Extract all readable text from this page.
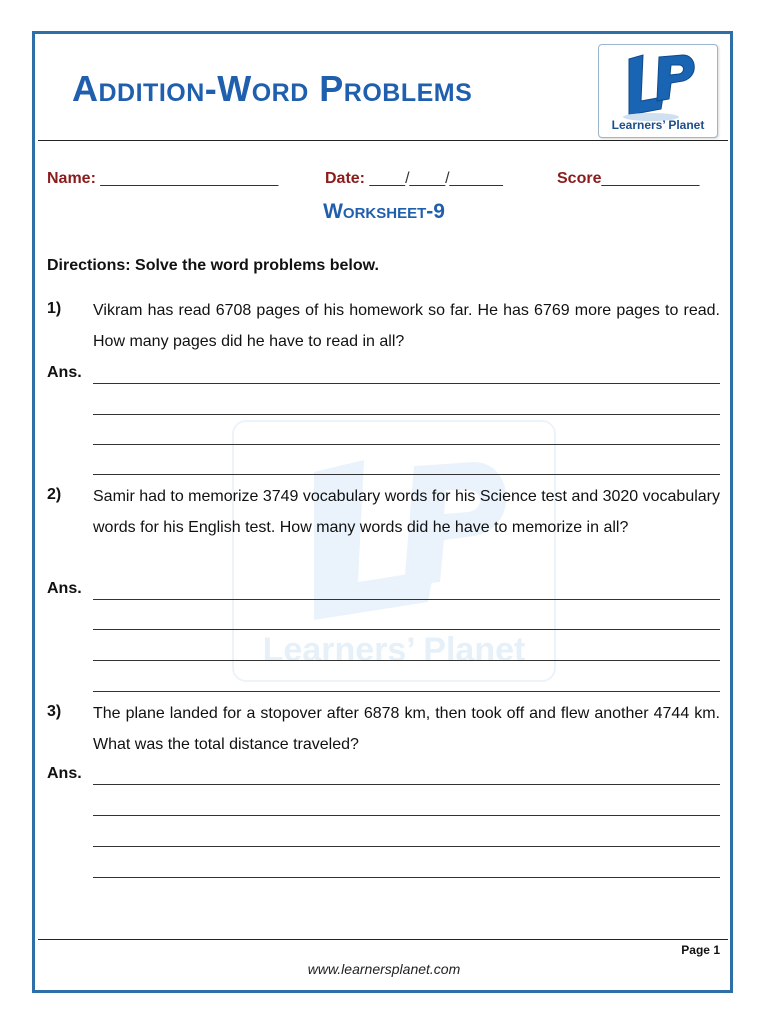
Addition-Word Problems
Learners’ Planet
Name: ____________________	Date: ____/____/______	Score___________
Worksheet-9
Directions: Solve the word problems below.
Learners’ Planet
1) Vikram has read 6708 pages of his homework so far. He has 6769 more pages to read. How many pages did he have to read in all?
Ans.
2) Samir had to memorize 3749 vocabulary words for his Science test and 3020 vocabulary words for his English test. How many words did he have to memorize in all?
Ans.
3) The plane landed for a stopover after 6878 km, then took off and flew another 4744 km. What was the total distance traveled?
Ans.
Page 1
www.learnersplanet.com
